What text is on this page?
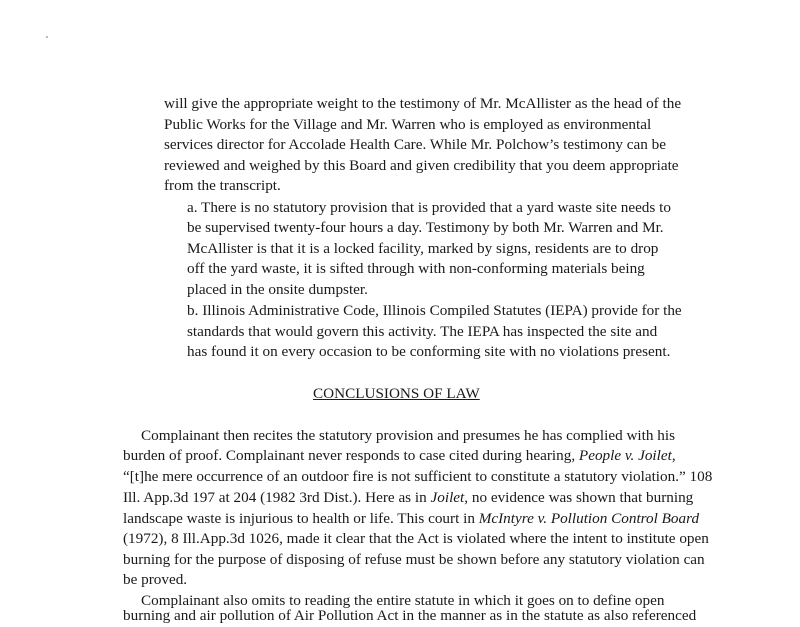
will give the appropriate weight to the testimony of Mr. McAllister as the head of the
Public Works for the Village and Mr. Warren who is employed as environmental
services director for Accolade Health Care. While Mr. Polchow’s testimony can be
reviewed and weighed by this Board and given credibility that you deem appropriate
from the transcript.
a. There is no statutory provision that is provided that a yard waste site needs to
be supervised twenty-four hours a day. Testimony by both Mr. Warren and Mr.
McAllister is that it is a locked facility, marked by signs, residents are to drop
off the yard waste, it is sifted through with non-conforming materials being
placed in the onsite dumpster.
b. Illinois Administrative Code, Illinois Compiled Statutes (IEPA) provide for the
standards that would govern this activity. The IEPA has inspected the site and
has found it on every occasion to be conforming site with no violations present.
CONCLUSIONS OF LAW
Complainant then recites the statutory provision and presumes he has complied with his
burden of proof. Complainant never responds to case cited during hearing, People v. Joilet,
“[t]he mere occurrence of an outdoor fire is not sufficient to constitute a statutory violation.” 108
Ill. App.3d 197 at 204 (1982 3rd Dist.). Here as in Joilet, no evidence was shown that burning
landscape waste is injurious to health or life. This court in McIntyre v. Pollution Control Board
(1972), 8 Ill.App.3d 1026, made it clear that the Act is violated where the intent to institute open
burning for the purpose of disposing of refuse must be shown before any statutory violation can
be proved.
Complainant also omits to reading the entire statute in which it goes on to define open
burning and air pollution of Air Pollution Act in the manner as in the statute as also referenced
